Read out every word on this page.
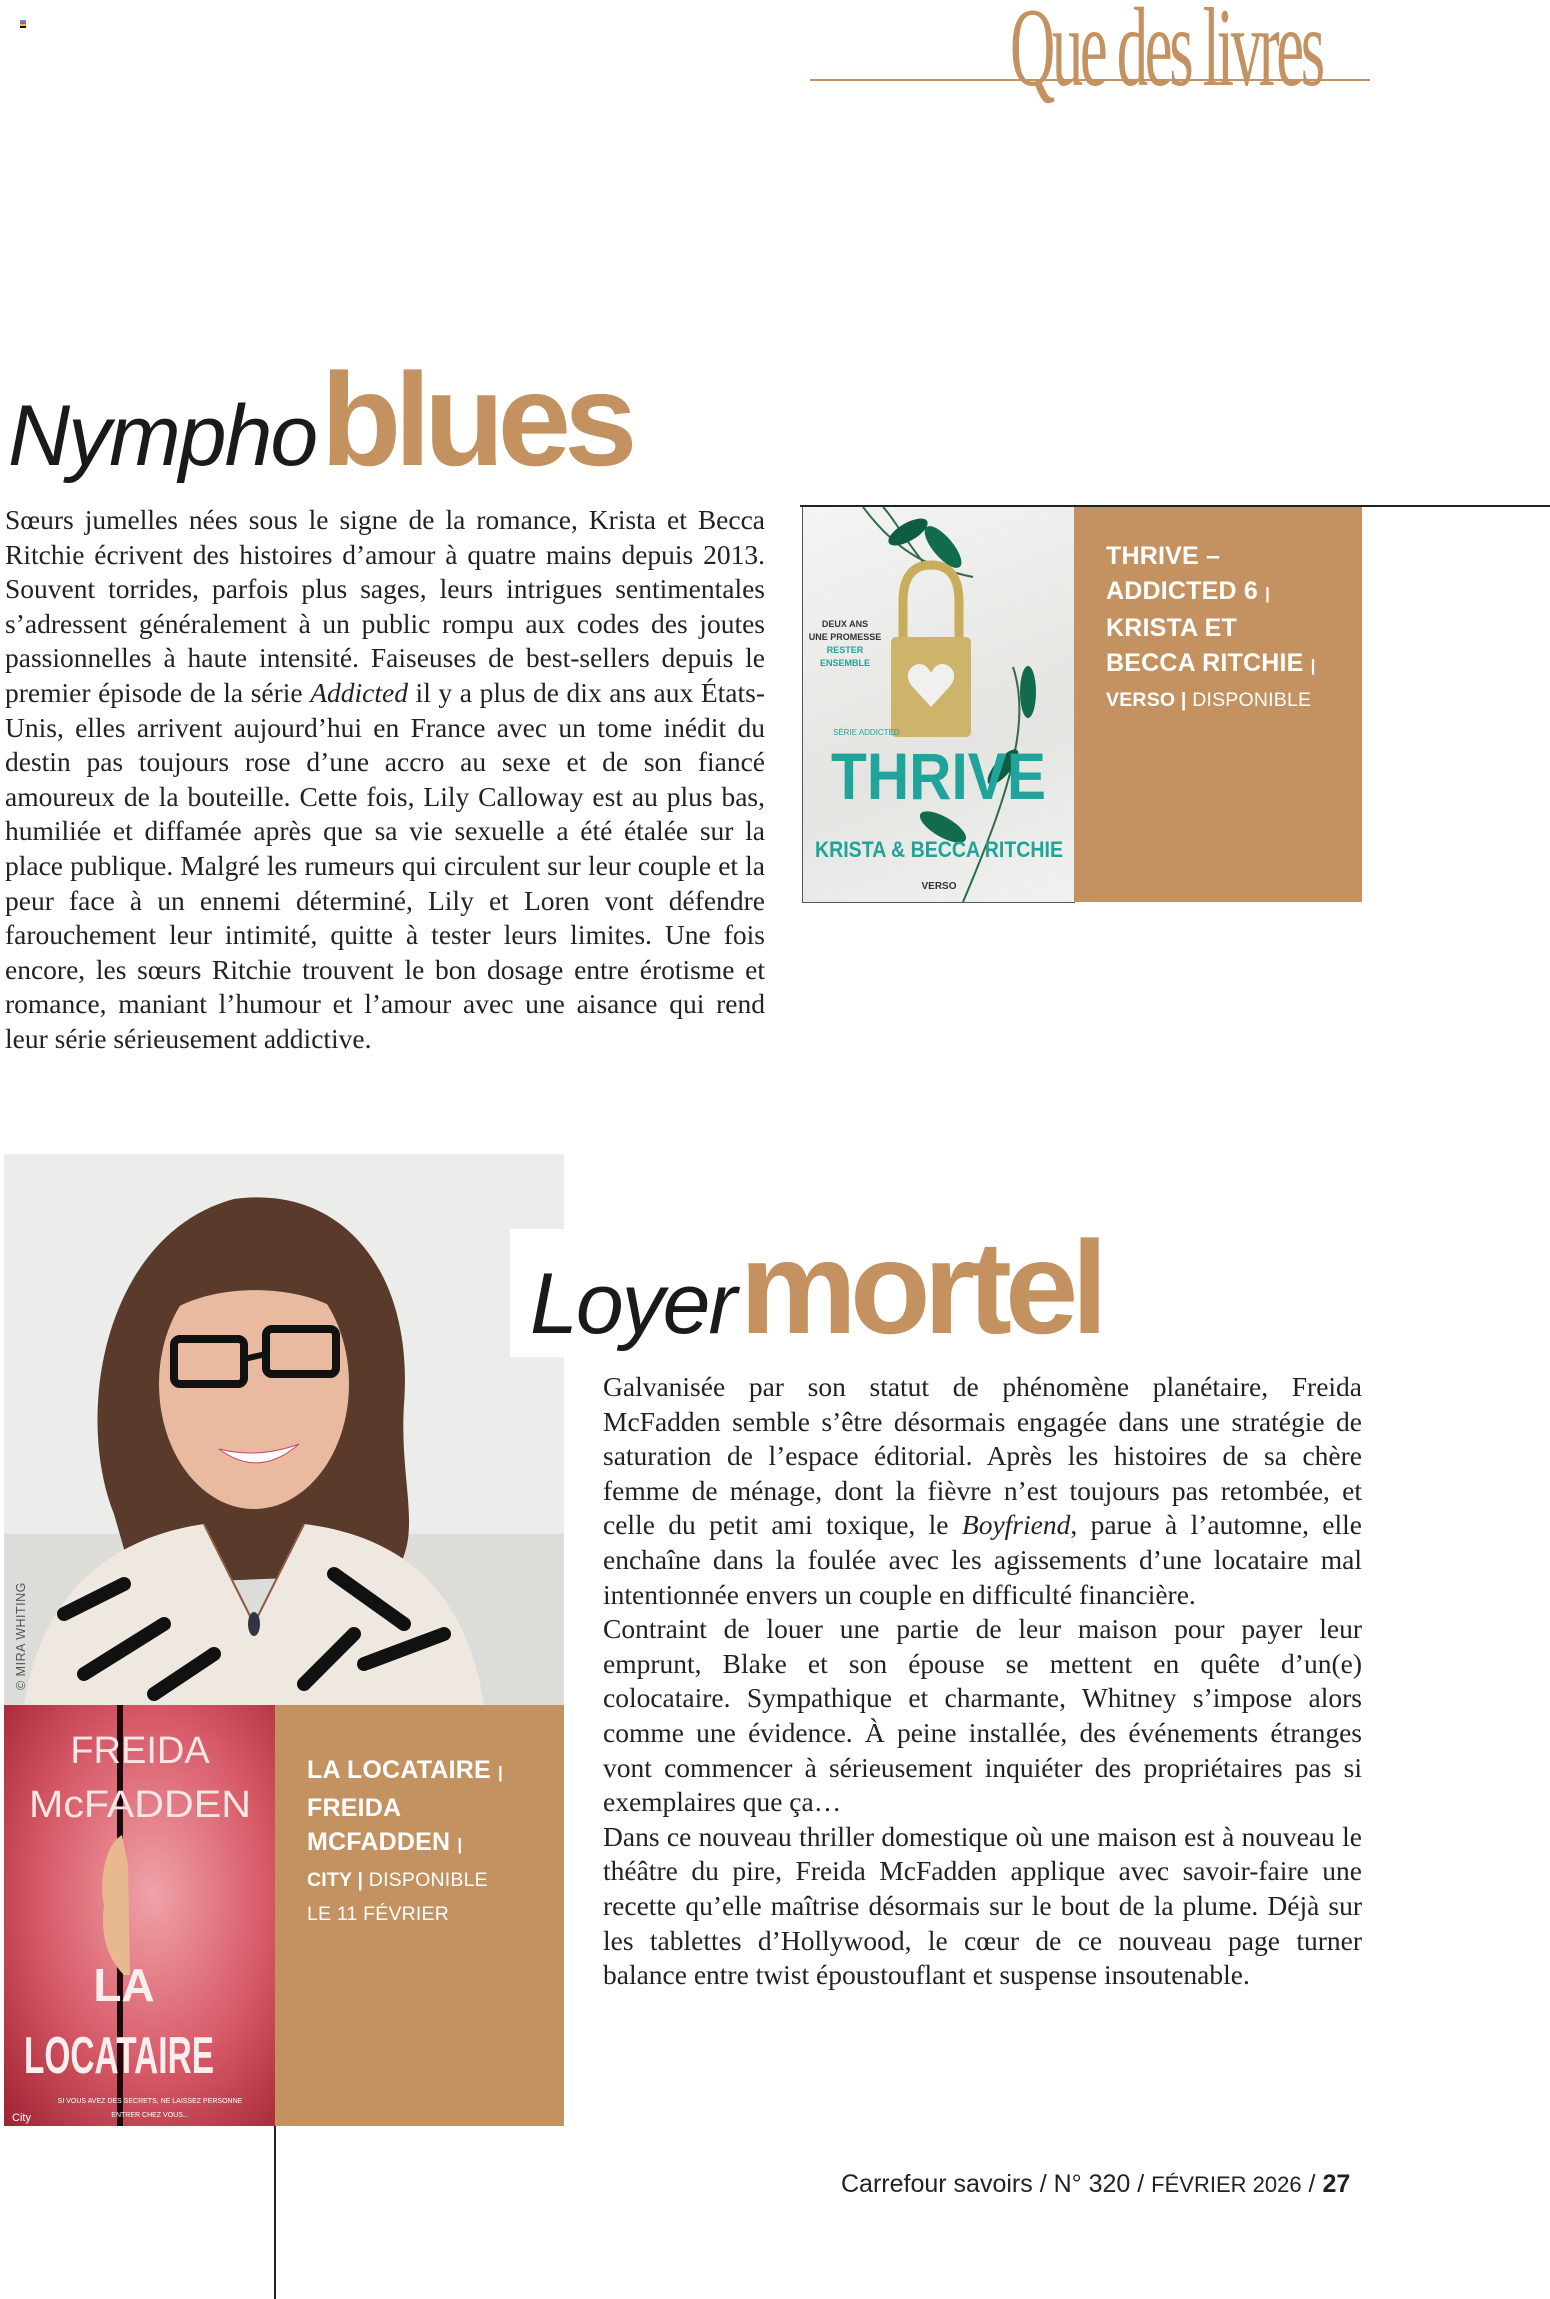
Que des livres
Nympho blues

Sœurs jumelles nées sous le signe de la romance, Krista et Becca Ritchie écrivent des histoires d’amour à quatre mains depuis 2013. Souvent torrides, parfois plus sages, leurs intrigues sentimentales s’adressent généralement à un public rompu aux codes des joutes passionnelles à haute intensité. Faiseuses de best-sellers depuis le premier épisode de la série Addicted il y a plus de dix ans aux États-Unis, elles arrivent aujourd’hui en France avec un tome inédit du destin pas toujours rose d’une accro au sexe et de son fiancé amoureux de la bouteille. Cette fois, Lily Calloway est au plus bas, humiliée et diffamée après que sa vie sexuelle a été étalée sur la place publique. Malgré les rumeurs qui circulent sur leur couple et la peur face à un ennemi déterminé, Lily et Loren vont défendre farouchement leur intimité, quitte à tester leurs limites. Une fois encore, les sœurs Ritchie trouvent le bon dosage entre érotisme et romance, maniant l’humour et l’amour avec une aisance qui rend leur série sérieusement addictive.

DEUX ANS
UNE PROMESSE
RESTER
ENSEMBLE
SÉRIE ADDICTED
THRIVE
KRISTA & BECCA RITCHIE
VERSO
THRIVE –
ADDICTED 6 |
KRISTA ET
BECCA RITCHIE |
VERSO | DISPONIBLE
© MIRA WHITING
Loyer mortel

Galvanisée par son statut de phénomène planétaire, Freida McFadden semble s’être désormais engagée dans une stratégie de saturation de l’espace éditorial. Après les histoires de sa chère femme de ménage, dont la fièvre n’est toujours pas retombée, et celle du petit ami toxique, le Boyfriend, parue à l’automne, elle enchaîne dans la foulée avec les agissements d’une locataire mal intentionnée envers un couple en difficulté financière.

Contraint de louer une partie de leur maison pour payer leur emprunt, Blake et son épouse se mettent en quête d’un(e) colocataire. Sympathique et charmante, Whitney s’impose alors comme une évidence. À peine installée, des événements étranges vont commencer à sérieusement inquiéter des propriétaires pas si exemplaires que ça…

Dans ce nouveau thriller domestique où une maison est à nouveau le théâtre du pire, Freida McFadden applique avec savoir-faire une recette qu’elle maîtrise désormais sur le bout de la plume. Déjà sur les tablettes d’Hollywood, le cœur de ce nouveau page turner balance entre twist époustouflant et suspense insoutenable.

FREIDA
McFADDEN
LA
LOCATAIRE
SI VOUS AVEZ DES SECRETS, NE LAISSEZ PERSONNE
ENTRER CHEZ VOUS...
City
LA LOCATAIRE |
FREIDA
MCFADDEN |
CITY | DISPONIBLE
LE 11 FÉVRIER
Carrefour savoirs / N° 320 / FÉVRIER 2026 / 27
